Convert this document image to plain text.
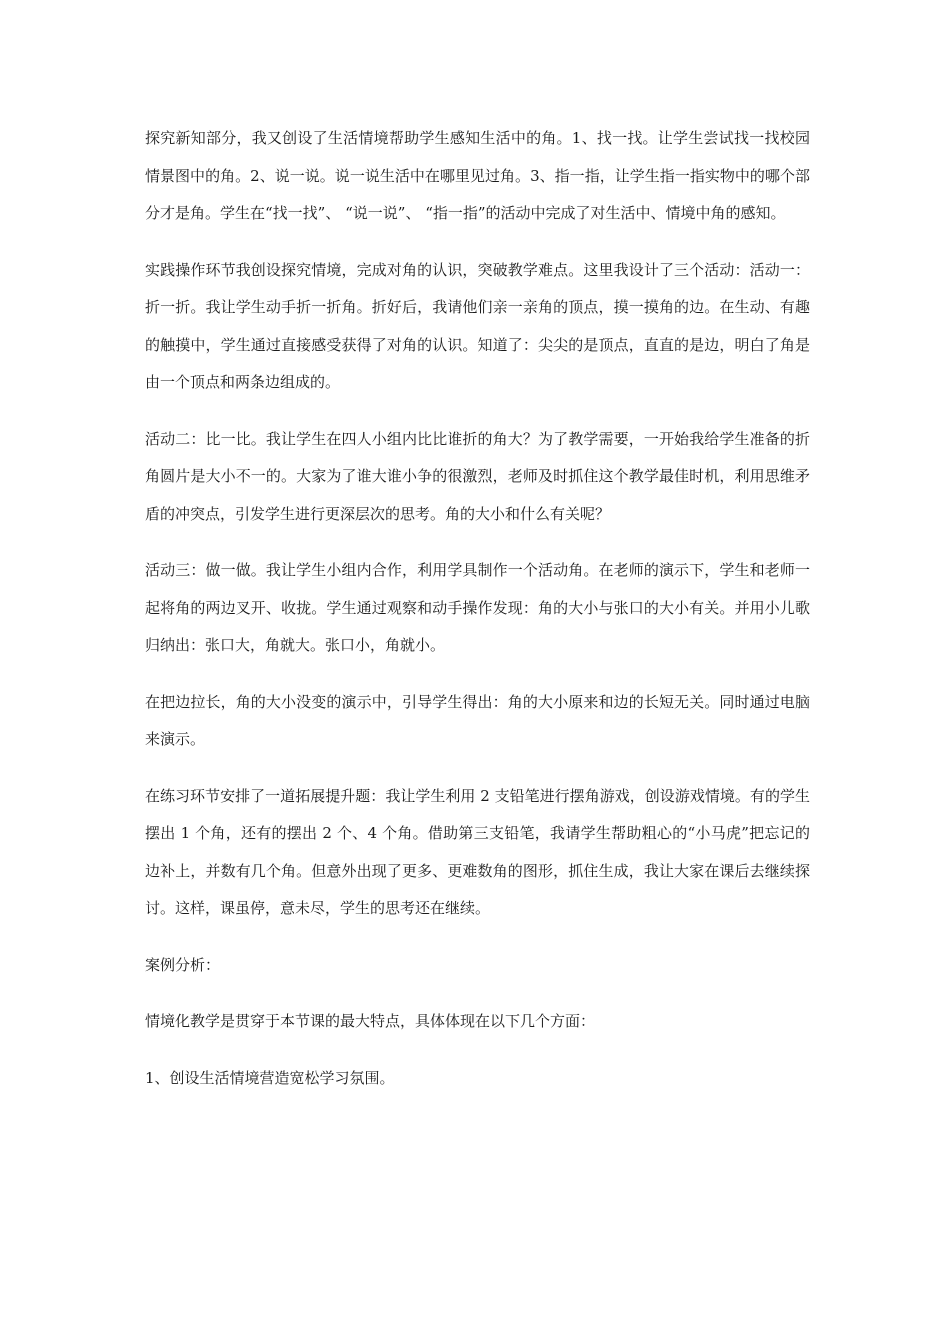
探究新知部分，我又创设了生活情境帮助学生感知生活中的角。1、找一找。让学生尝试找一找校园情景图中的角。2、说一说。说一说生活中在哪里见过角。3、指一指，让学生指一指实物中的哪个部分才是角。学生在“找一找”、 “说一说”、 “指一指”的活动中完成了对生活中、情境中角的感知。

实践操作环节我创设探究情境，完成对角的认识，突破教学难点。这里我设计了三个活动：活动一：折一折。我让学生动手折一折角。折好后，我请他们亲一亲角的顶点，摸一摸角的边。在生动、有趣的触摸中，学生通过直接感受获得了对角的认识。知道了：尖尖的是顶点，直直的是边，明白了角是由一个顶点和两条边组成的。

活动二：比一比。我让学生在四人小组内比比谁折的角大？为了教学需要，一开始我给学生准备的折角圆片是大小不一的。大家为了谁大谁小争的很激烈，老师及时抓住这个教学最佳时机，利用思维矛盾的冲突点，引发学生进行更深层次的思考。角的大小和什么有关呢？

活动三：做一做。我让学生小组内合作，利用学具制作一个活动角。在老师的演示下，学生和老师一起将角的两边叉开、收拢。学生通过观察和动手操作发现：角的大小与张口的大小有关。并用小儿歌归纳出：张口大，角就大。张口小，角就小。

在把边拉长，角的大小没变的演示中，引导学生得出：角的大小原来和边的长短无关。同时通过电脑来演示。

在练习环节安排了一道拓展提升题：我让学生利用 2 支铅笔进行摆角游戏，创设游戏情境。有的学生摆出 1 个角，还有的摆出 2 个、4 个角。借助第三支铅笔，我请学生帮助粗心的“小马虎”把忘记的边补上，并数有几个角。但意外出现了更多、更难数角的图形，抓住生成，我让大家在课后去继续探讨。这样，课虽停，意未尽，学生的思考还在继续。

案例分析：

情境化教学是贯穿于本节课的最大特点，具体体现在以下几个方面：

1、创设生活情境营造宽松学习氛围。
